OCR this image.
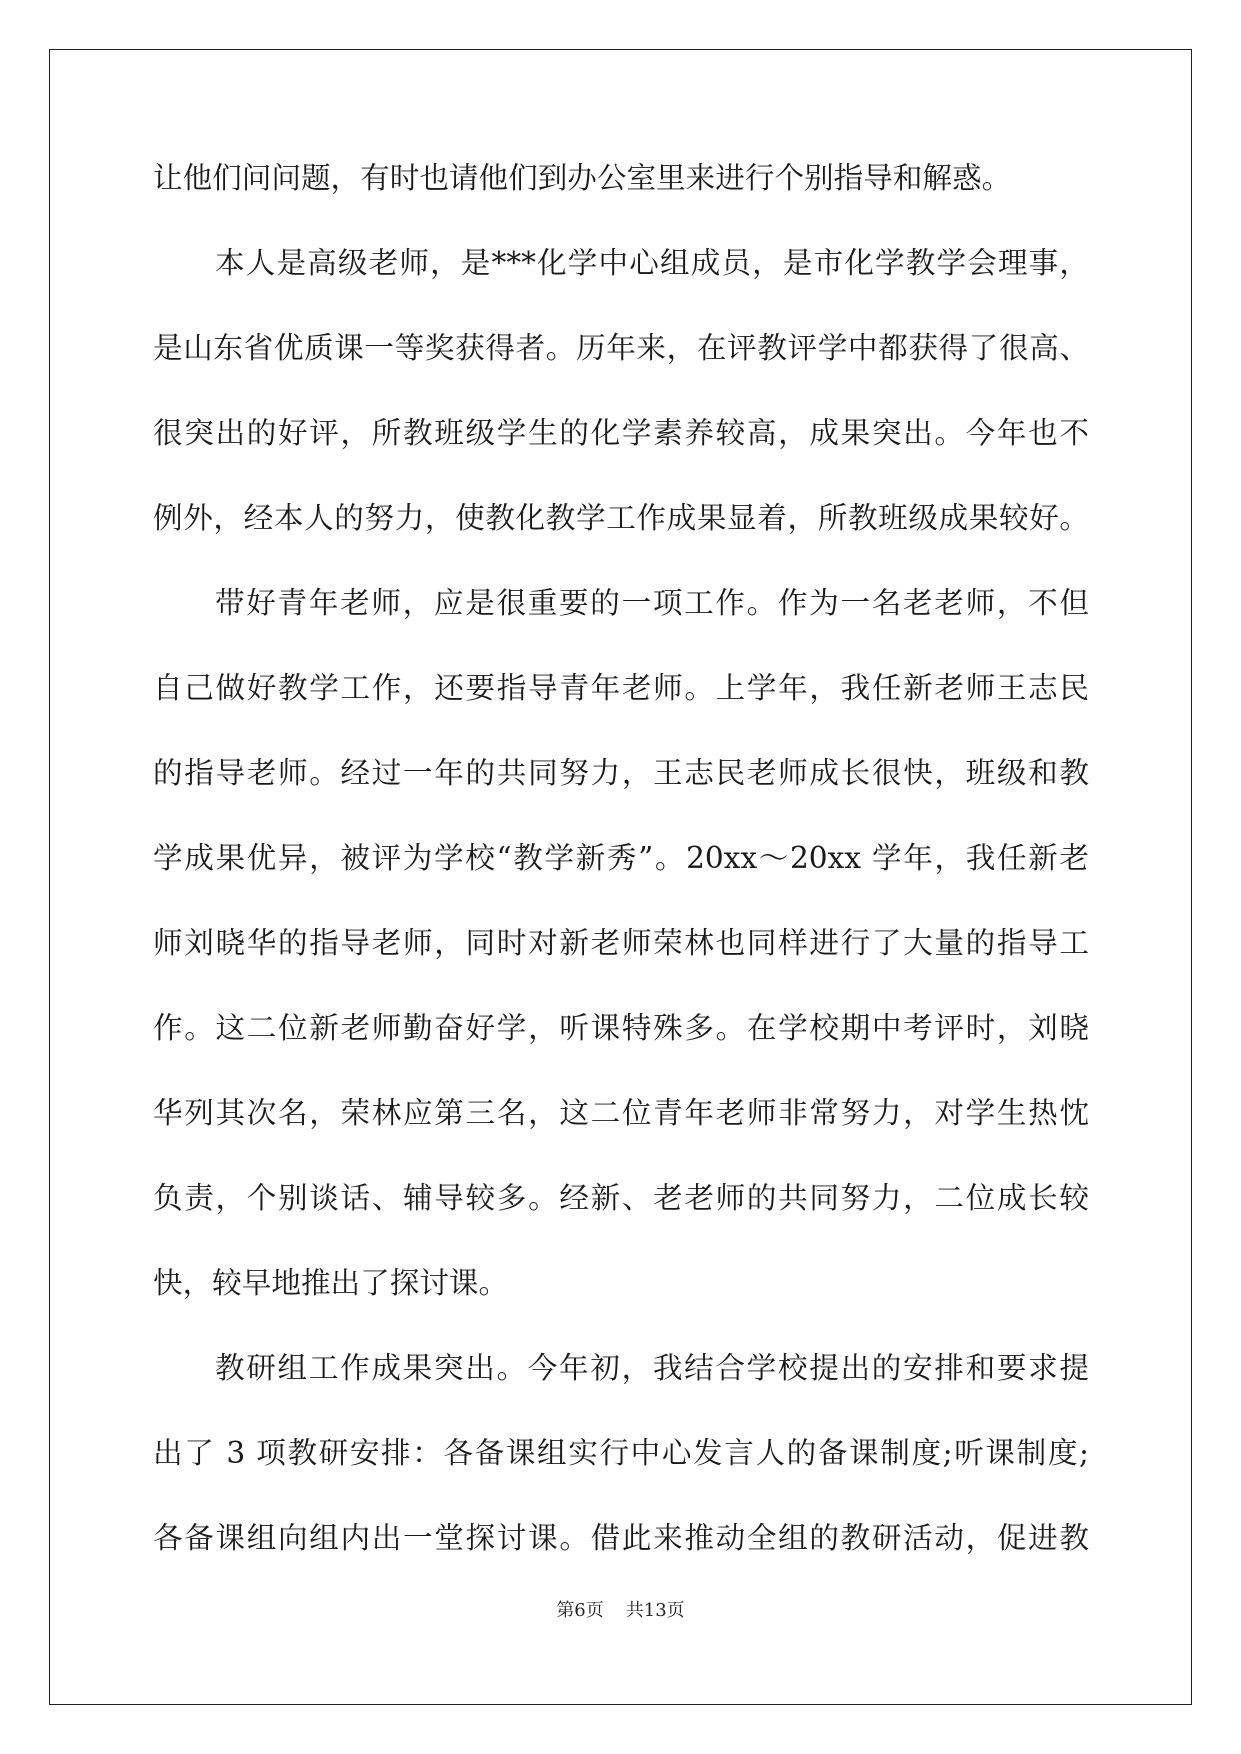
让他们问问题，有时也请他们到办公室里来进行个别指导和解惑。
本人是高级老师，是***化学中心组成员，是市化学教学会理事，
是山东省优质课一等奖获得者。历年来，在评教评学中都获得了很高、
很突出的好评，所教班级学生的化学素养较高，成果突出。今年也不
例外，经本人的努力，使教化教学工作成果显着，所教班级成果较好。
带好青年老师，应是很重要的一项工作。作为一名老老师，不但
自己做好教学工作，还要指导青年老师。上学年，我任新老师王志民
的指导老师。经过一年的共同努力，王志民老师成长很快，班级和教
学成果优异，被评为学校“教学新秀”。20xx～20xx 学年，我任新老
师刘晓华的指导老师，同时对新老师荣林也同样进行了大量的指导工
作。这二位新老师勤奋好学，听课特殊多。在学校期中考评时，刘晓
华列其次名，荣林应第三名，这二位青年老师非常努力，对学生热忱
负责，个别谈话、辅导较多。经新、老老师的共同努力，二位成长较
快，较早地推出了探讨课。
教研组工作成果突出。今年初，我结合学校提出的安排和要求提
出了 3 项教研安排：各备课组实行中心发言人的备课制度;听课制度;
各备课组向组内出一堂探讨课。借此来推动全组的教研活动，促进教
第6页 共13页
